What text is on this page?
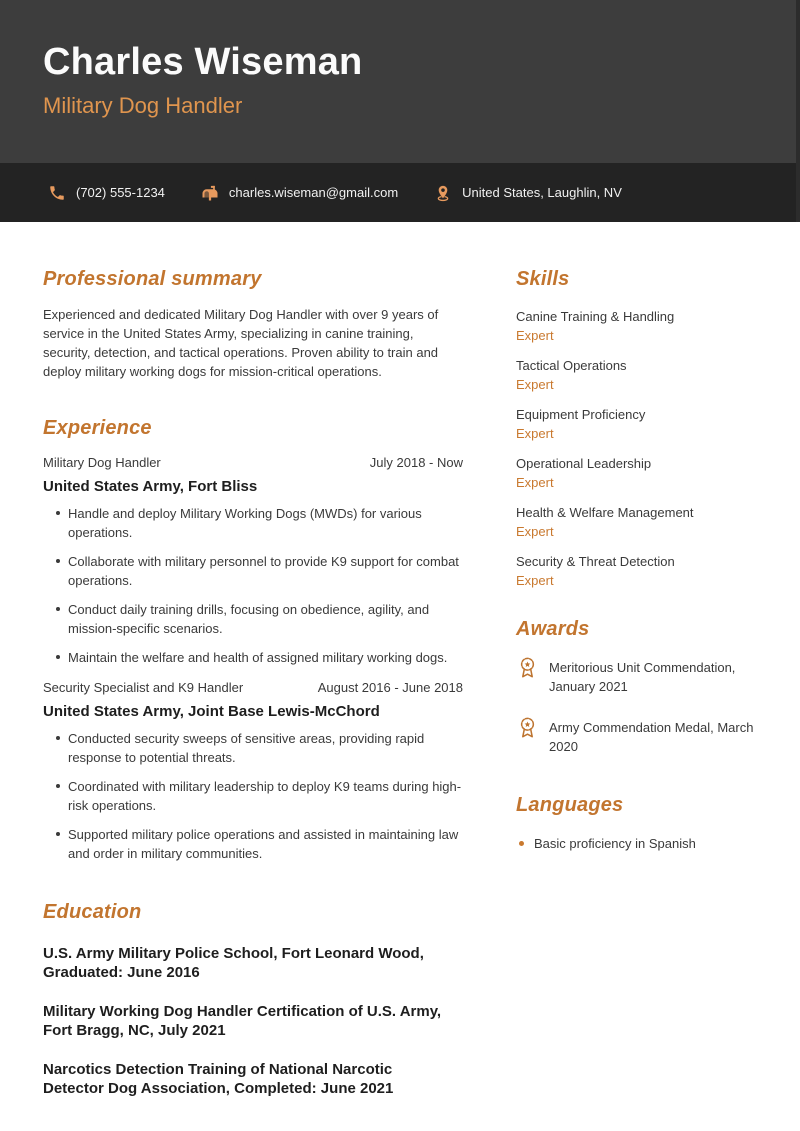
Charles Wiseman
Military Dog Handler
(702) 555-1234	charles.wiseman@gmail.com	United States, Laughlin, NV
Professional summary

Experienced and dedicated Military Dog Handler with over 9 years of service in the United States Army, specializing in canine training, security, detection, and tactical operations. Proven ability to train and deploy military working dogs for mission-critical operations.

Experience
Military Dog Handler	July 2018 - Now
United States Army, Fort Bliss
Handle and deploy Military Working Dogs (MWDs) for various operations.
Collaborate with military personnel to provide K9 support for combat operations.
Conduct daily training drills, focusing on obedience, agility, and mission-specific scenarios.
Maintain the welfare and health of assigned military working dogs.
Security Specialist and K9 Handler	August 2016 - June 2018
United States Army, Joint Base Lewis-McChord
Conducted security sweeps of sensitive areas, providing rapid response to potential threats.
Coordinated with military leadership to deploy K9 teams during high-risk operations.
Supported military police operations and assisted in maintaining law and order in military communities.
Education
U.S. Army Military Police School, Fort Leonard Wood, Graduated: June 2016
Military Working Dog Handler Certification of U.S. Army, Fort Bragg, NC, July 2021
Narcotics Detection Training of National Narcotic Detector Dog Association, Completed: June 2021
Skills
Canine Training & Handling
Expert
Tactical Operations
Expert
Equipment Proficiency
Expert
Operational Leadership
Expert
Health & Welfare Management
Expert
Security & Threat Detection
Expert
Awards
Meritorious Unit Commendation, January 2021
Army Commendation Medal, March 2020
Languages
Basic proficiency in Spanish
